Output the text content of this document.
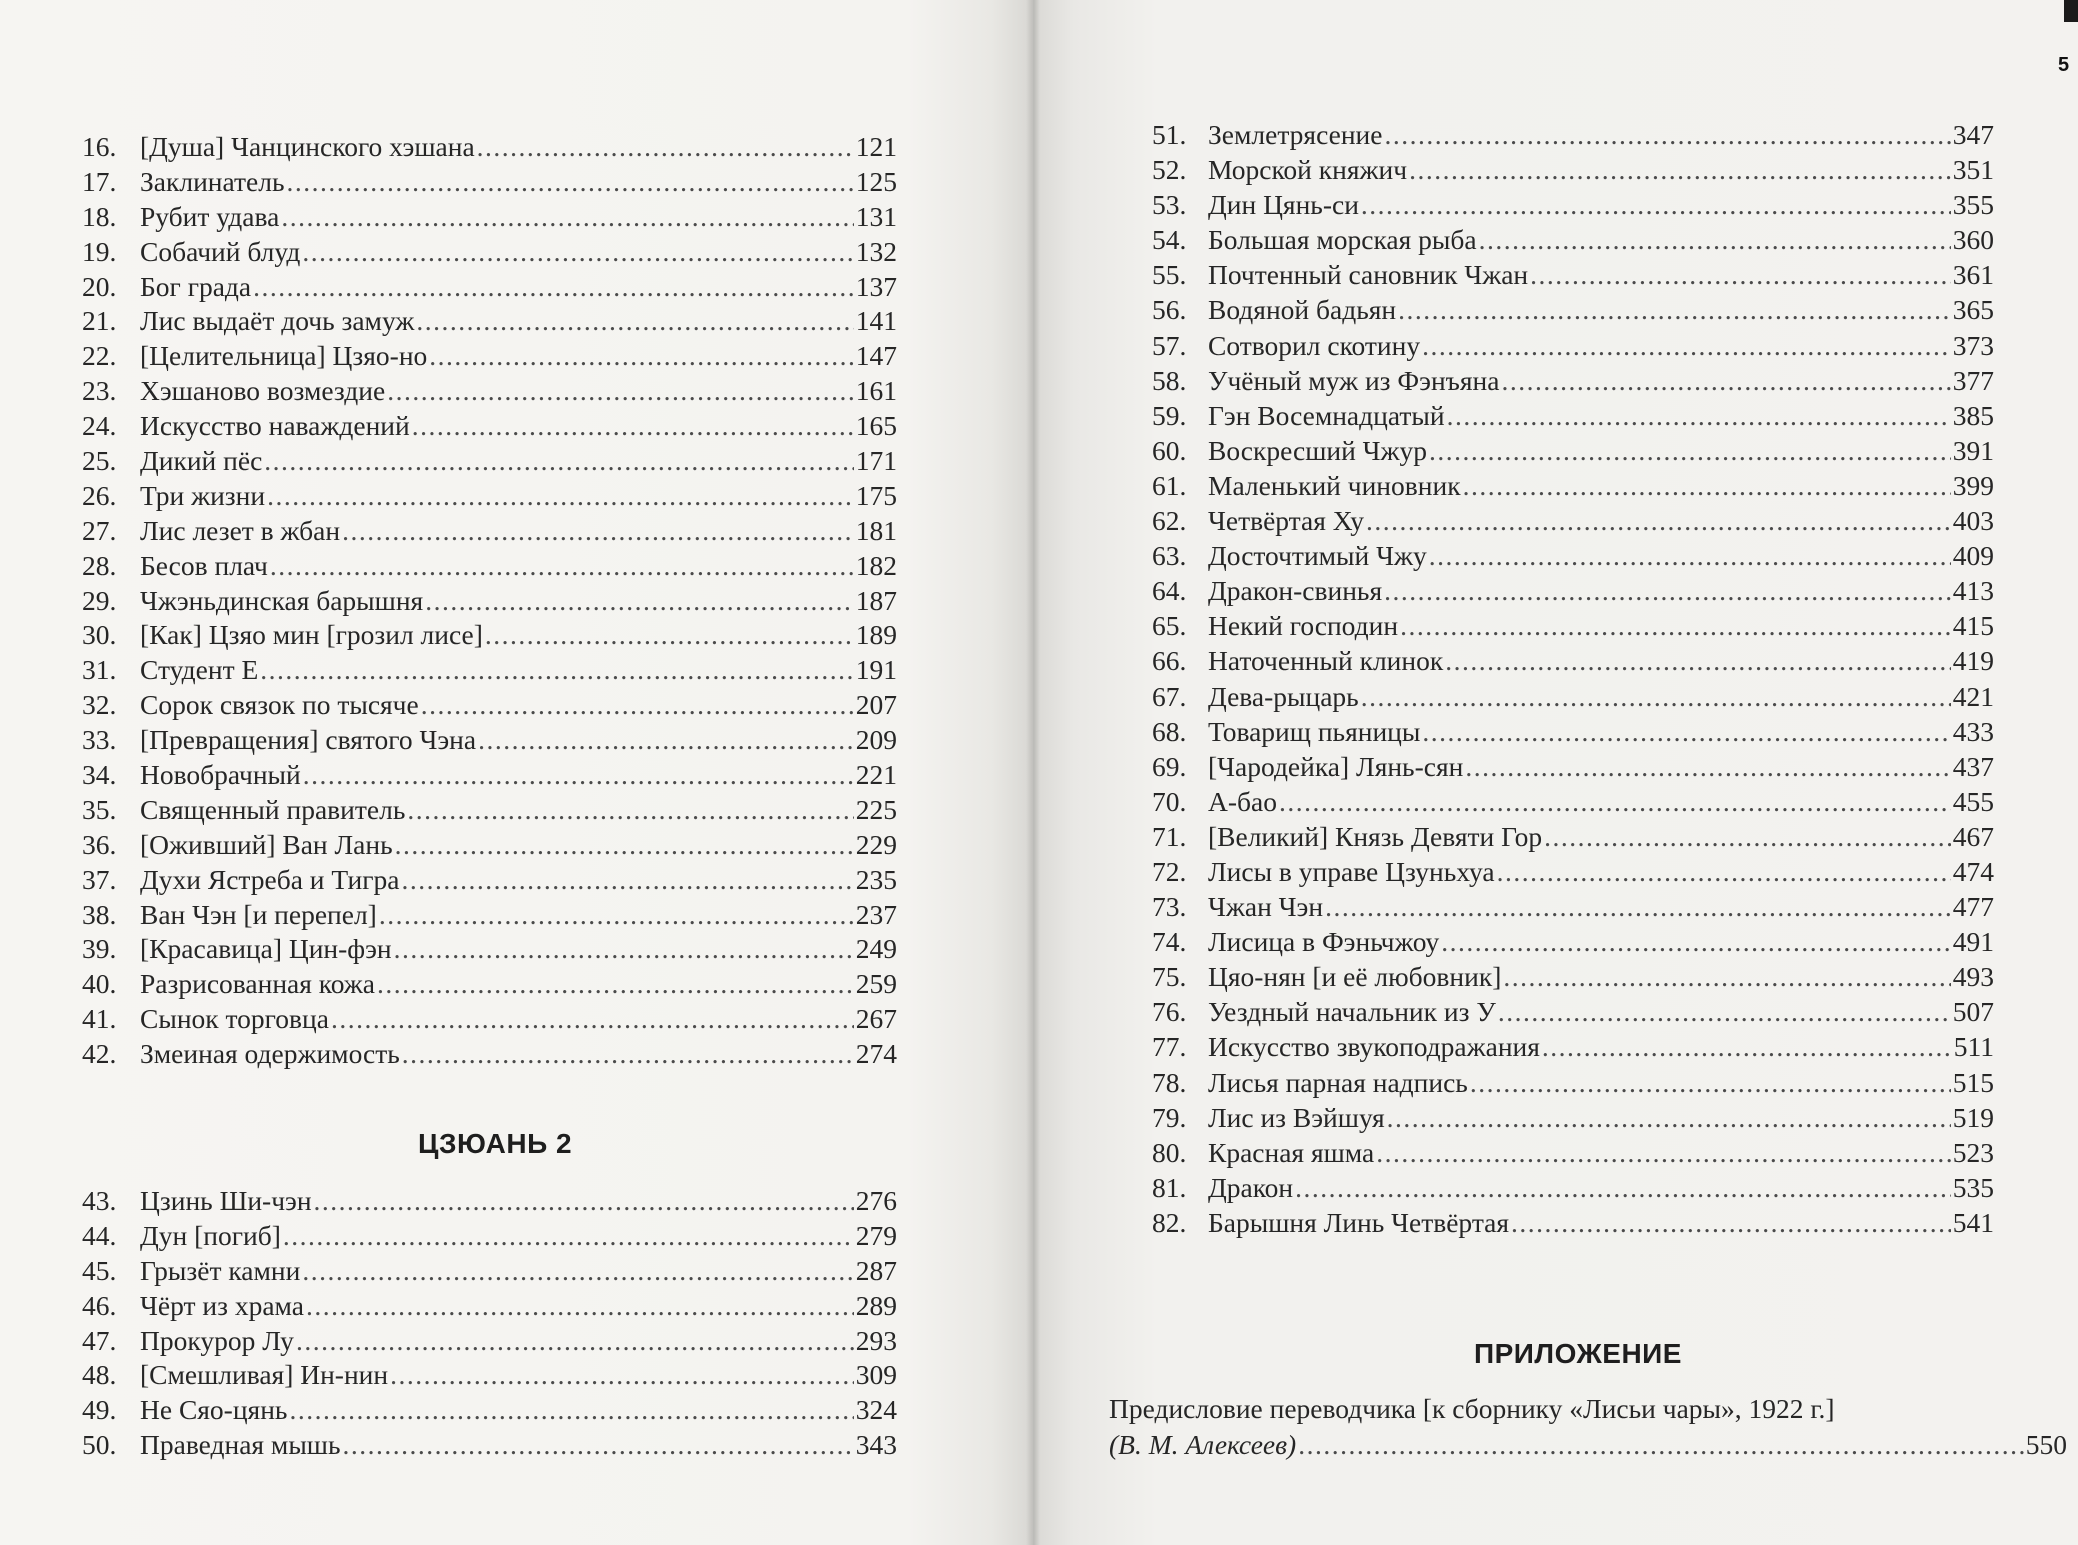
16. [Душа] Чанцинского хэшана .....	121
17. Заклинатель .....	125
18. Рубит удава .....	131
19. Собачий блуд .....	132
20. Бог града .....	137
21. Лис выдаёт дочь замуж .....	141
22. [Целительница] Цзяо-но .....	147
23. Хэшаново возмездие .....	161
24. Искусство наваждений .....	165
25. Дикий пёс .....	171
26. Три жизни .....	175
27. Лис лезет в жбан .....	181
28. Бесов плач .....	182
29. Чжэньдинская барышня .....	187
30. [Как] Цзяо мин [грозил лисе] .....	189
31. Студент Е .....	191
32. Сорок связок по тысяче .....	207
33. [Превращения] святого Чэна .....	209
34. Новобрачный .....	221
35. Священный правитель .....	225
36. [Оживший] Ван Лань .....	229
37. Духи Ястреба и Тигра .....	235
38. Ван Чэн [и перепел] .....	237
39. [Красавица] Цин-фэн .....	249
40. Разрисованная кожа .....	259
41. Сынок торговца .....	267
42. Змеиная одержимость .....	274
ЦЗЮАНЬ 2
43. Цзинь Ши-чэн .....	276
44. Дун [погиб] .....	279
45. Грызёт камни .....	287
46. Чёрт из храма .....	289
47. Прокурор Лу .....	293
48. [Смешливая] Ин-нин .....	309
49. Не Сяо-цянь .....	324
50. Праведная мышь .....	343
5
51. Землетрясение .....	347
52. Морской княжич .....	351
53. Дин Цянь-си .....	355
54. Большая морская рыба .....	360
55. Почтенный сановник Чжан .....	361
56. Водяной бадьян .....	365
57. Сотворил скотину .....	373
58. Учёный муж из Фэнъяна .....	377
59. Гэн Восемнадцатый .....	385
60. Воскресший Чжур .....	391
61. Маленький чиновник .....	399
62. Четвёртая Ху .....	403
63. Досточтимый Чжу .....	409
64. Дракон-свинья .....	413
65. Некий господин .....	415
66. Наточенный клинок .....	419
67. Дева-рыцарь .....	421
68. Товарищ пьяницы .....	433
69. [Чародейка] Лянь-сян .....	437
70. А-бао .....	455
71. [Великий] Князь Девяти Гор .....	467
72. Лисы в управе Цзуньхуа .....	474
73. Чжан Чэн .....	477
74. Лисица в Фэньчжоу .....	491
75. Цяо-нян [и её любовник] .....	493
76. Уездный начальник из У .....	507
77. Искусство звукоподражания .....	511
78. Лисья парная надпись .....	515
79. Лис из Вэйшуя .....	519
80. Красная яшма .....	523
81. Дракон .....	535
82. Барышня Линь Четвёртая .....	541
ПРИЛОЖЕНИЕ
Предисловие переводчика [к сборнику «Лисьи чары», 1922 г.]
(В. М. Алексеев) .....	550
